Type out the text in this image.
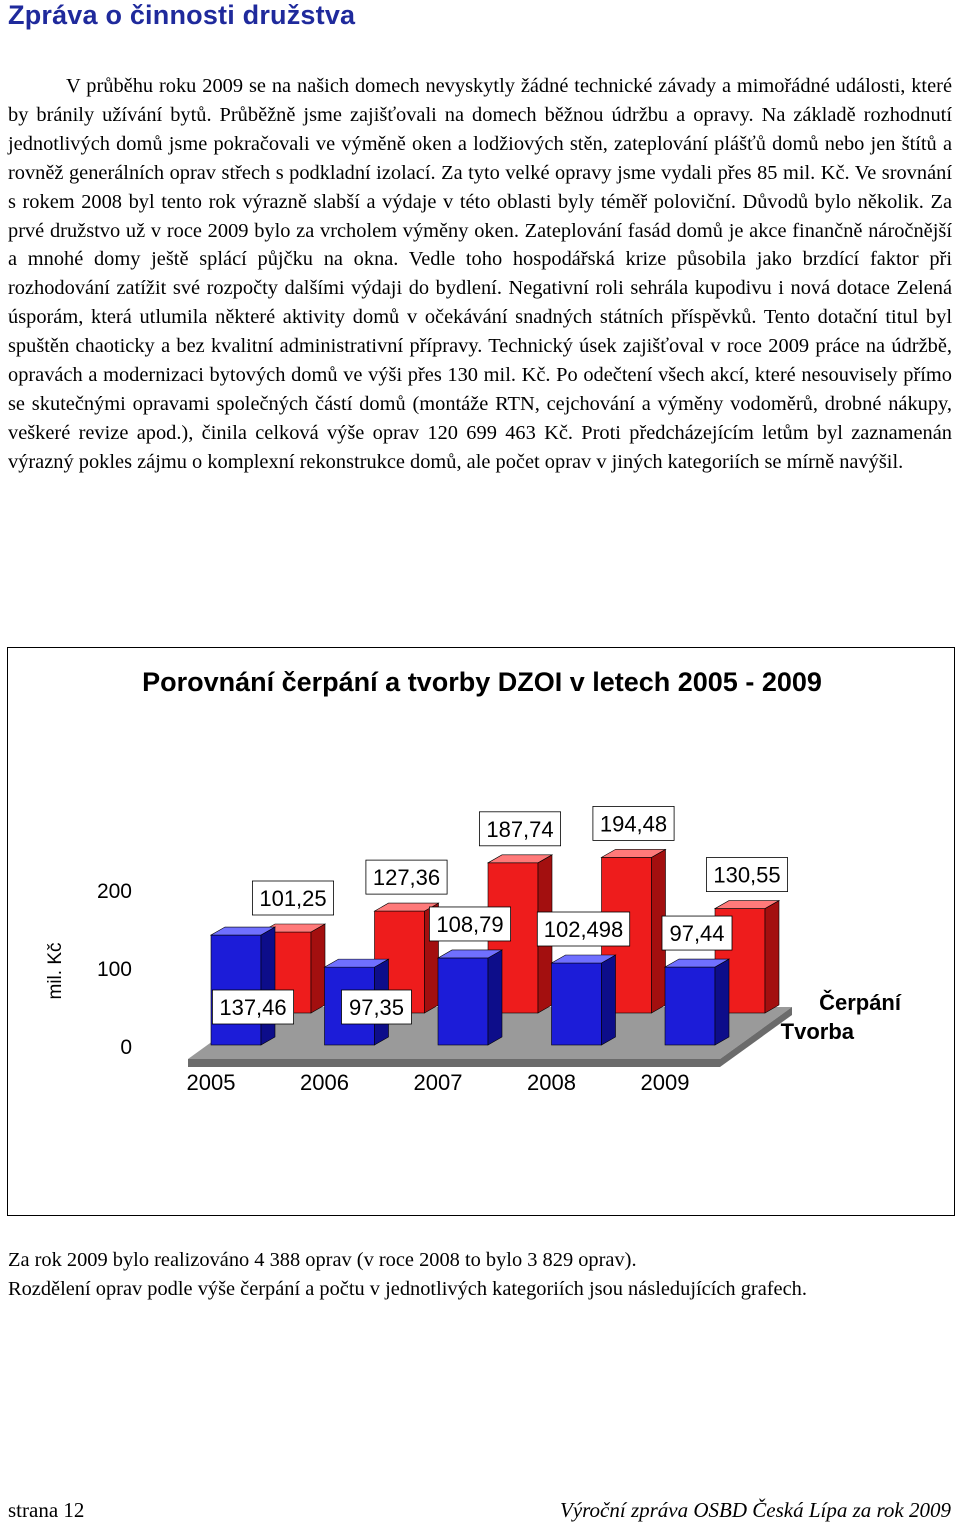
Zpráva o činnosti družstva

V průběhu roku 2009 se na našich domech nevyskytly žádné technické závady a mimořádné události, které by bránily užívání bytů. Průběžně jsme zajišťovali na domech běžnou údržbu a opravy. Na základě rozhodnutí jednotlivých domů jsme pokračovali ve výměně oken a lodžiových stěn, zateplování plášťů domů nebo jen štítů a rovněž generálních oprav střech s podkladní izolací. Za tyto velké opravy jsme vydali přes 85 mil. Kč. Ve srovnání s rokem 2008 byl tento rok výrazně slabší a výdaje v této oblasti byly téměř poloviční. Důvodů bylo několik. Za prvé družstvo už v roce 2009 bylo za vrcholem výměny oken. Zateplování fasád domů je akce finančně náročnější a mnohé domy ještě splácí půjčku na okna. Vedle toho hospodářská krize působila jako brzdící faktor při rozhodování zatížit své rozpočty dalšími výdaji do bydlení. Negativní roli sehrála kupodivu i nová dotace Zelená úsporám, která utlumila některé aktivity domů v očekávání snadných státních příspěvků. Tento dotační titul byl spuštěn chaoticky a bez kvalitní administrativní přípravy. Technický úsek zajišťoval v roce 2009 práce na údržbě, opravách a modernizaci bytových domů ve výši přes 130 mil. Kč. Po odečtení všech akcí, které nesouvisely přímo se skutečnými opravami společných částí domů (montáže RTN, cejchování a výměny vodoměrů, drobné nákupy, veškeré revize apod.), činila celková výše oprav 120 699 463 Kč. Proti předcházejícím letům byl zaznamenán výrazný pokles zájmu o komplexní rekonstrukce domů, ale počet oprav v jiných kategoriích se mírně navýšil.

Porovnání čerpání a tvorby DZOI v letech 2005 - 2009
mil. Kč
0
100
200	101,25
137,46
127,36
97,35
187,74
108,79
194,48
102,498
130,55
97,44
2005	2006	2007	2008	2009
Čerpání
Tvorba

Za rok 2009 bylo realizováno 4 388 oprav (v roce 2008 to bylo 3 829 oprav).

Rozdělení oprav podle výše čerpání a počtu v jednotlivých kategoriích jsou následujících grafech.

strana 12	Výroční zpráva OSBD Česká Lípa za rok 2009
